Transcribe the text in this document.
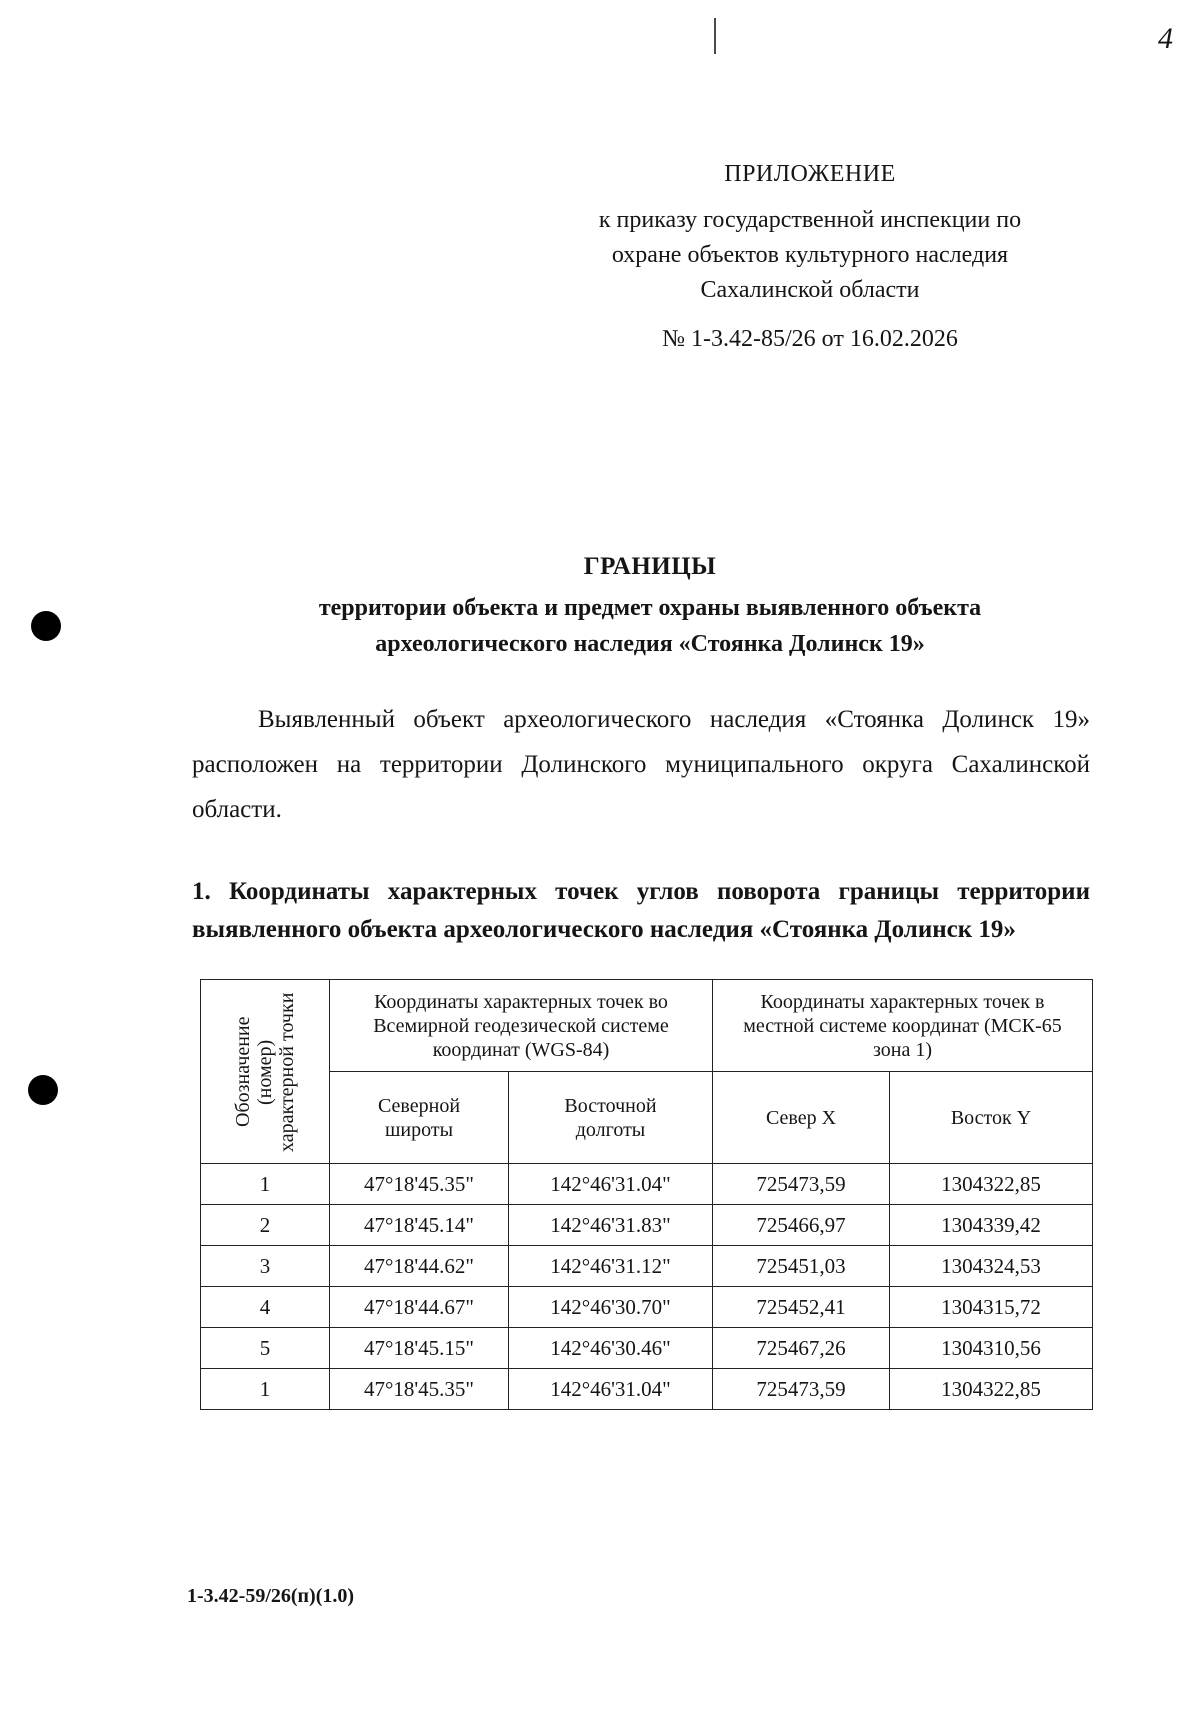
4
ПРИЛОЖЕНИЕ
к приказу государственной инспекции по
охране объектов культурного наследия
Сахалинской области
№ 1-3.42-85/26 от 16.02.2026
ГРАНИЦЫ
территории объекта и предмет охраны выявленного объекта
археологического наследия «Стоянка Долинск 19»
Выявленный объект археологического наследия «Стоянка Долинск 19» расположен на территории Долинского муниципального округа Сахалинской области.
1. Координаты характерных точек углов поворота границы территории выявленного объекта археологического наследия «Стоянка Долинск 19»
Обозначение (номер) характерной точки	Координаты характерных точек во Всемирной геодезической системе координат (WGS-84)		Координаты характерных точек в местной системе координат (МСК-65 зона 1)	
	Северной широты	Восточной долготы	Север X	Восток Y
1	47°18'45.35"	142°46'31.04"	725473,59	1304322,85
2	47°18'45.14"	142°46'31.83"	725466,97	1304339,42
3	47°18'44.62"	142°46'31.12"	725451,03	1304324,53
4	47°18'44.67"	142°46'30.70"	725452,41	1304315,72
5	47°18'45.15"	142°46'30.46"	725467,26	1304310,56
1	47°18'45.35"	142°46'31.04"	725473,59	1304322,85
1-3.42-59/26(п)(1.0)
